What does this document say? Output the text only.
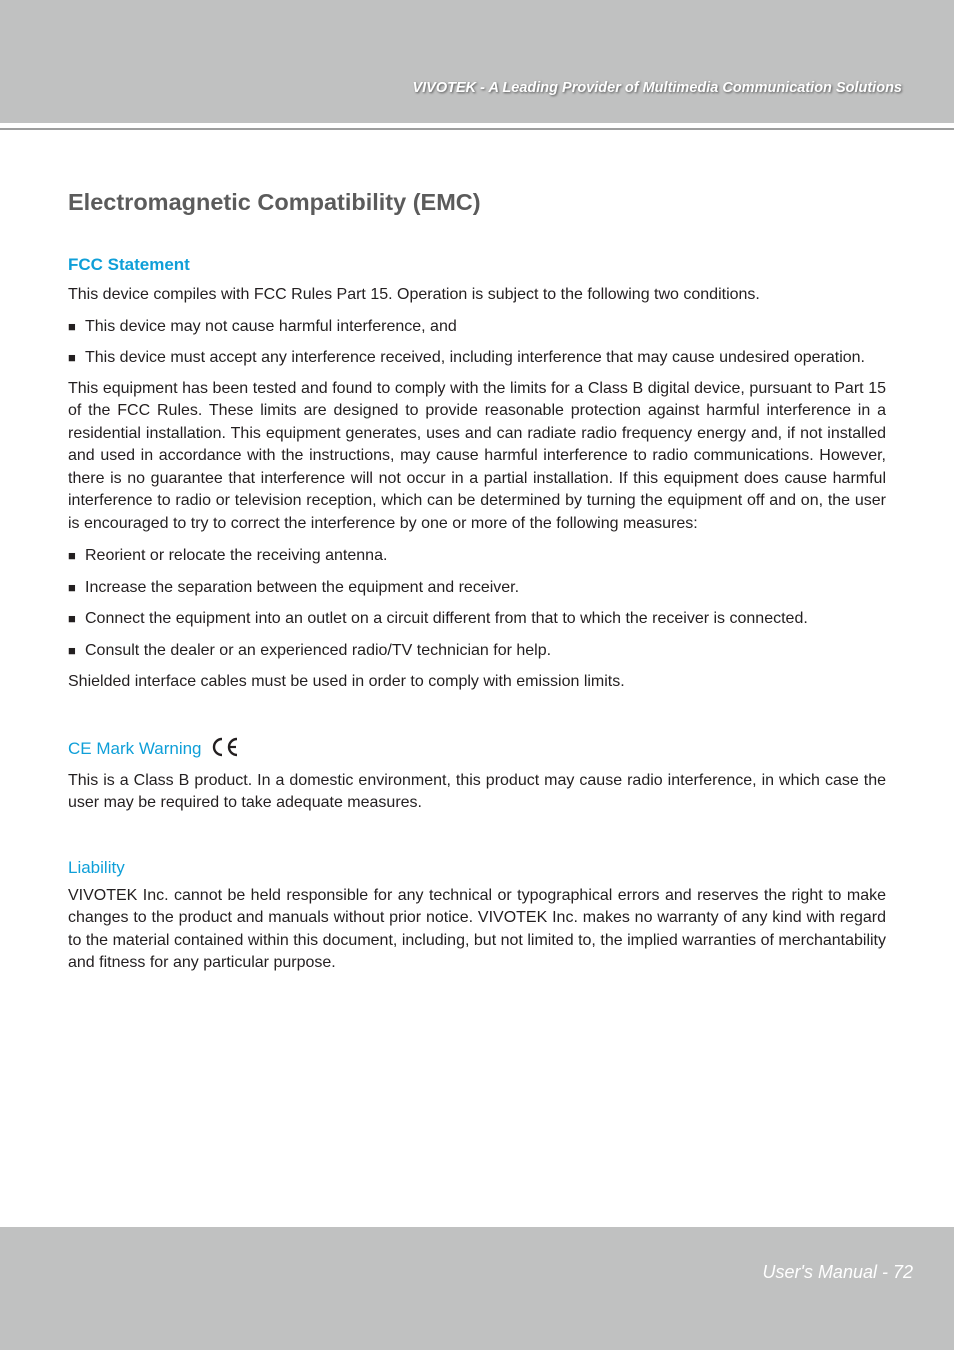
VIVOTEK - A Leading Provider of Multimedia Communication Solutions
Electromagnetic Compatibility (EMC)
FCC Statement

This device compiles with FCC Rules Part 15. Operation is subject to the following two conditions.

■ This device may not cause harmful interference, and
■ This device must accept any interference received, including interference that may cause undesired operation.

This equipment has been tested and found to comply with the limits for a Class B digital device, pursuant to Part 15 of the FCC Rules. These limits are designed to provide reasonable protection against harmful interference in a residential installation. This equipment generates, uses and can radiate radio frequency energy and, if not installed and used in accordance with the instructions, may cause harmful interference to radio communications. However, there is no guarantee that interference will not occur in a partial installation. If this equipment does cause harmful interference to radio or television reception, which can be determined by turning the equipment off and on, the user is encouraged to try to correct the interference by one or more of the following measures:

■ Reorient or relocate the receiving antenna.
■ Increase the separation between the equipment and receiver.
■ Connect the equipment into an outlet on a circuit different from that to which the receiver is connected.
■ Consult the dealer or an experienced radio/TV technician for help.

Shielded interface cables must be used in order to comply with emission limits.

CE Mark Warning

This is a Class B product. In a domestic environment, this product may cause radio interference, in which case the user may be required to take adequate measures.

Liability

VIVOTEK Inc. cannot be held responsible for any technical or typographical errors and reserves the right to make changes to the product and manuals without prior notice. VIVOTEK Inc. makes no warranty of any kind with regard to the material contained within this document, including, but not limited to, the implied warranties of merchantability and fitness for any particular purpose.

User's Manual - 72
